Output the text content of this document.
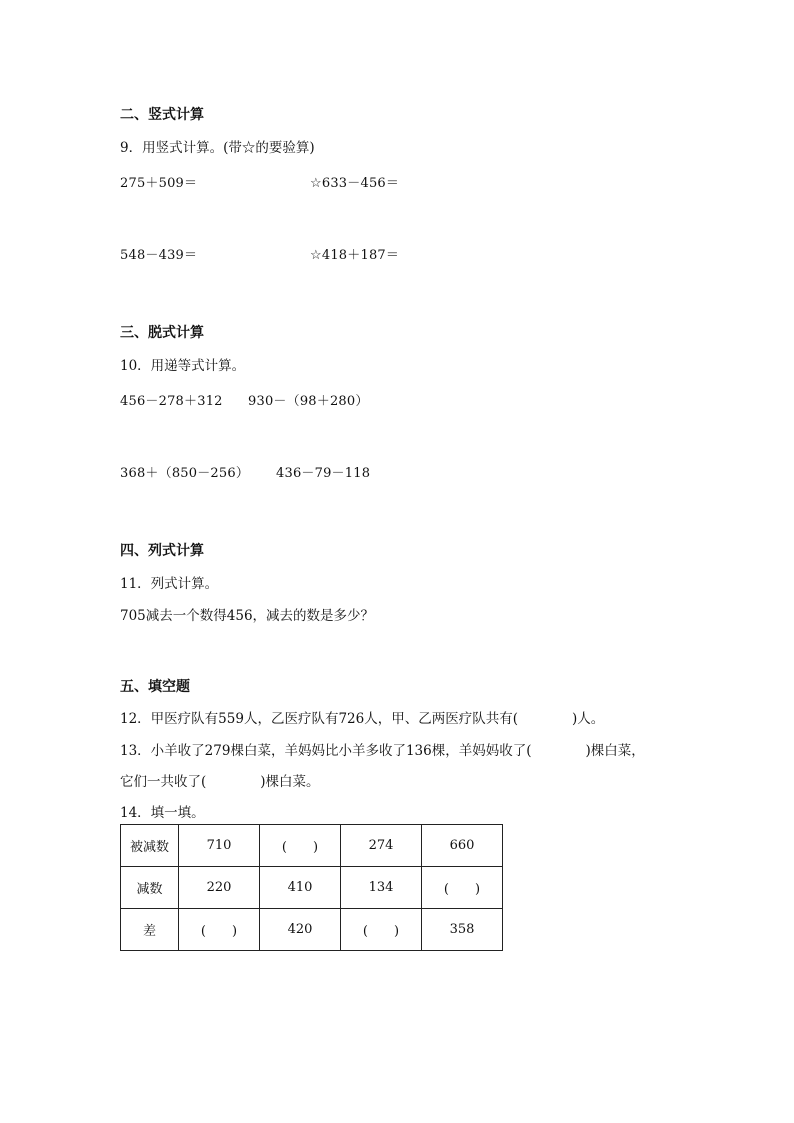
二、竖式计算
9．用竖式计算。(带☆的要验算)
275＋509＝	☆633－456＝
548－439＝	☆418＋187＝
三、脱式计算
10．用递等式计算。
456－278＋312 930－（98＋280）
368＋（850－256） 436－79－118
四、列式计算
11．列式计算。
705减去一个数得456，减去的数是多少？
五、填空题
12．甲医疗队有559人，乙医疗队有726人，甲、乙两医疗队共有(　　　　)人。
13．小羊收了279棵白菜，羊妈妈比小羊多收了136棵，羊妈妈收了(　　　　)棵白菜，
它们一共收了(　　　　)棵白菜。
14．填一填。
被减数	710	(　　)	274	660
减数	220	410	134	(　　)
差	(　　)	420	(　　)	358
